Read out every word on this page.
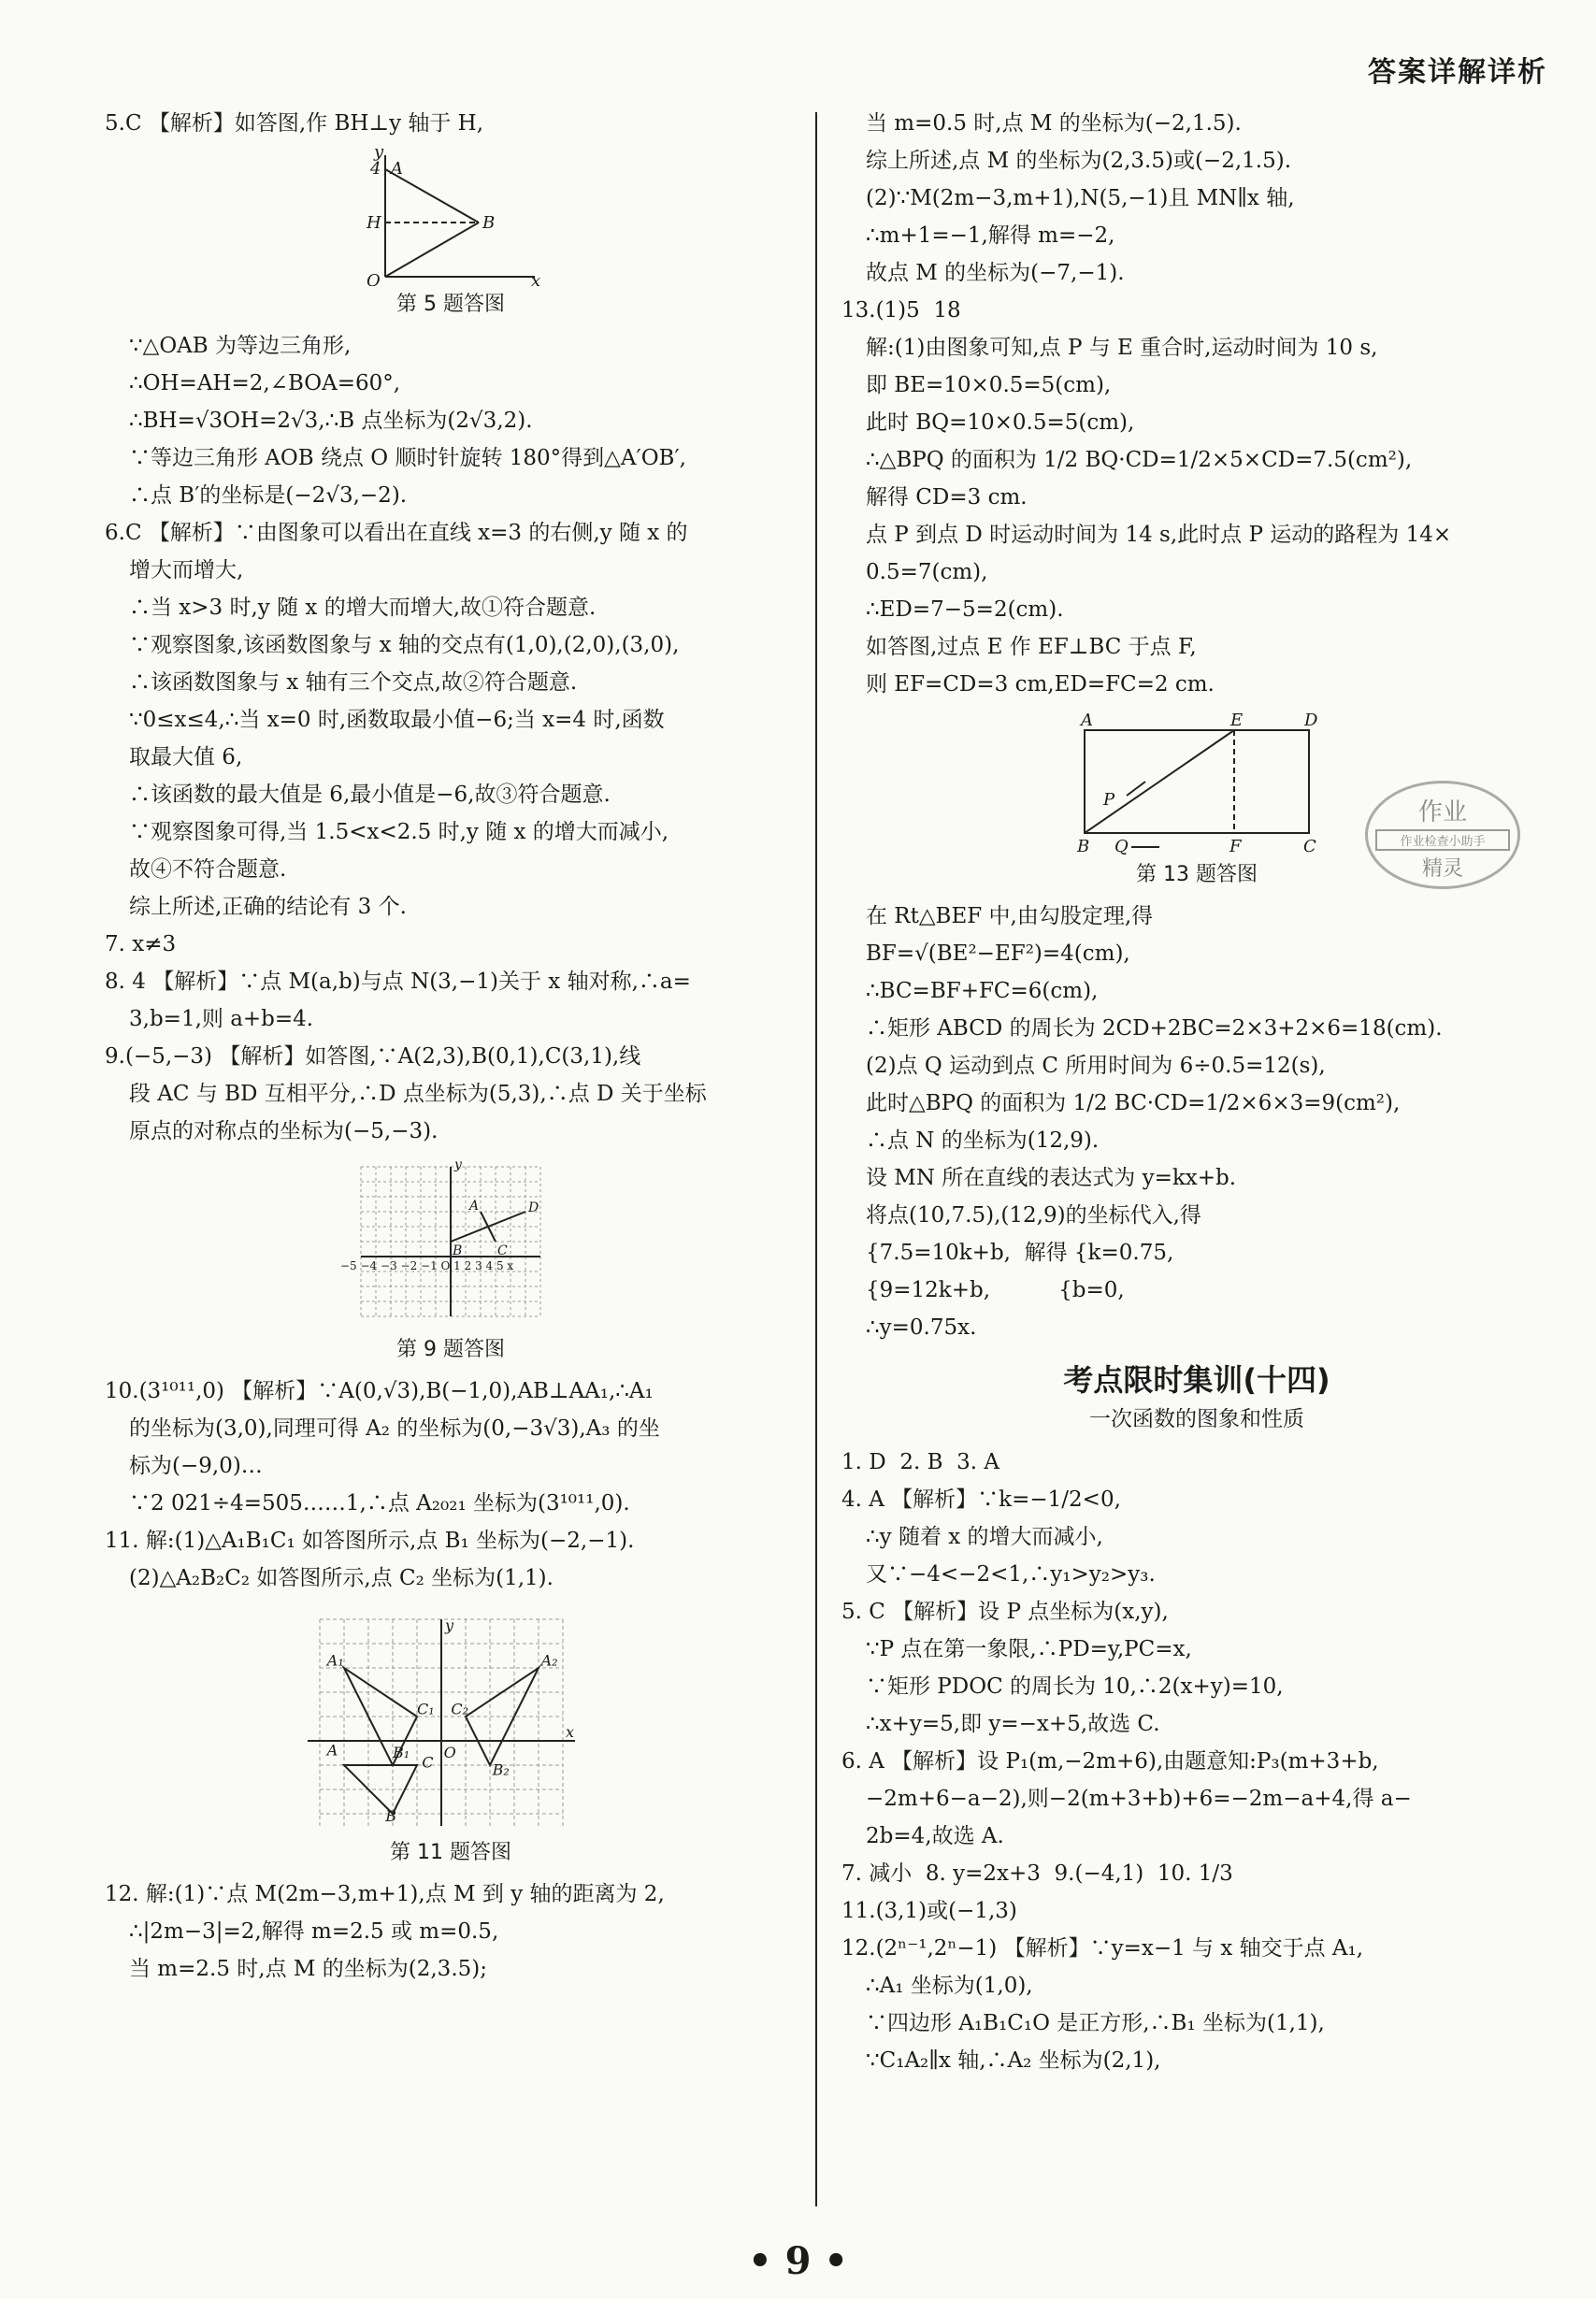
答案详解详析
5.C 【解析】如答图,作 BH⊥y 轴于 H,
y
A
4
H	B
O	x
第 5 题答图
∵△OAB 为等边三角形,
∴OH=AH=2,∠BOA=60°,
∴BH=√3OH=2√3,∴B 点坐标为(2√3,2).
∵等边三角形 AOB 绕点 O 顺时针旋转 180°得到△A′OB′,
∴点 B′的坐标是(−2√3,−2).
6.C 【解析】∵由图象可以看出在直线 x=3 的右侧,y 随 x 的
增大而增大,
∴当 x>3 时,y 随 x 的增大而增大,故①符合题意.
∵观察图象,该函数图象与 x 轴的交点有(1,0),(2,0),(3,0),
∴该函数图象与 x 轴有三个交点,故②符合题意.
∵0≤x≤4,∴当 x=0 时,函数取最小值−6;当 x=4 时,函数
取最大值 6,
∴该函数的最大值是 6,最小值是−6,故③符合题意.
∵观察图象可得,当 1.5<x<2.5 时,y 随 x 的增大而减小,
故④不符合题意.
综上所述,正确的结论有 3 个.
7. x≠3
8. 4 【解析】∵点 M(a,b)与点 N(3,−1)关于 x 轴对称,∴a=
3,b=1,则 a+b=4.
9.(−5,−3) 【解析】如答图,∵A(2,3),B(0,1),C(3,1),线
段 AC 与 BD 互相平分,∴D 点坐标为(5,3),∴点 D 关于坐标
原点的对称点的坐标为(−5,−3).
y
A
B	C
D
−5 −4 −3 −2 −1 O 1 2 3 4 5 x
第 9 题答图
10.(3¹⁰¹¹,0) 【解析】∵A(0,√3),B(−1,0),AB⊥AA₁,∴A₁
的坐标为(3,0),同理可得 A₂ 的坐标为(0,−3√3),A₃ 的坐
标为(−9,0)…
∵2 021÷4=505……1,∴点 A₂₀₂₁ 坐标为(3¹⁰¹¹,0).
11. 解:(1)△A₁B₁C₁ 如答图所示,点 B₁ 坐标为(−2,−1).
(2)△A₂B₂C₂ 如答图所示,点 C₂ 坐标为(1,1).
y
x
A₁
C₁ C₂
A₂
A	B₁ O
B₂
C
B
第 11 题答图
12. 解:(1)∵点 M(2m−3,m+1),点 M 到 y 轴的距离为 2,
∴|2m−3|=2,解得 m=2.5 或 m=0.5,
当 m=2.5 时,点 M 的坐标为(2,3.5);
当 m=0.5 时,点 M 的坐标为(−2,1.5).
综上所述,点 M 的坐标为(2,3.5)或(−2,1.5).
(2)∵M(2m−3,m+1),N(5,−1)且 MN∥x 轴,
∴m+1=−1,解得 m=−2,
故点 M 的坐标为(−7,−1).
13.(1)5  18
解:(1)由图象可知,点 P 与 E 重合时,运动时间为 10 s,
即 BE=10×0.5=5(cm),
此时 BQ=10×0.5=5(cm),
∴△BPQ 的面积为 1/2 BQ·CD=1/2×5×CD=7.5(cm²),
解得 CD=3 cm.
点 P 到点 D 时运动时间为 14 s,此时点 P 运动的路程为 14×
0.5=7(cm),
∴ED=7−5=2(cm).
如答图,过点 E 作 EF⊥BC 于点 F,
则 EF=CD=3 cm,ED=FC=2 cm.
A	E	D
P
B Q	F	C
第 13 题答图
在 Rt△BEF 中,由勾股定理,得
BF=√(BE²−EF²)=4(cm),
∴BC=BF+FC=6(cm),
∴矩形 ABCD 的周长为 2CD+2BC=2×3+2×6=18(cm).
(2)点 Q 运动到点 C 所用时间为 6÷0.5=12(s),
此时△BPQ 的面积为 1/2 BC·CD=1/2×6×3=9(cm²),
∴点 N 的坐标为(12,9).
设 MN 所在直线的表达式为 y=kx+b.
将点(10,7.5),(12,9)的坐标代入,得
{7.5=10k+b,  解得 {k=0.75,
{9=12k+b,          {b=0,
∴y=0.75x.
考点限时集训(十四)
一次函数的图象和性质
1. D  2. B  3. A
4. A 【解析】∵k=−1/2<0,
∴y 随着 x 的增大而减小,
又∵−4<−2<1,∴y₁>y₂>y₃.
5. C 【解析】设 P 点坐标为(x,y),
∵P 点在第一象限,∴PD=y,PC=x,
∵矩形 PDOC 的周长为 10,∴2(x+y)=10,
∴x+y=5,即 y=−x+5,故选 C.
6. A 【解析】设 P₁(m,−2m+6),由题意知:P₃(m+3+b,
−2m+6−a−2),则−2(m+3+b)+6=−2m−a+4,得 a−
2b=4,故选 A.
7. 减小  8. y=2x+3  9.(−4,1)  10. 1/3
11.(3,1)或(−1,3)
12.(2ⁿ⁻¹,2ⁿ−1) 【解析】∵y=x−1 与 x 轴交于点 A₁,
∴A₁ 坐标为(1,0),
∵四边形 A₁B₁C₁O 是正方形,∴B₁ 坐标为(1,1),
∵C₁A₂∥x 轴,∴A₂ 坐标为(2,1),
作业
作业检查小助手
精灵
• 9 •
